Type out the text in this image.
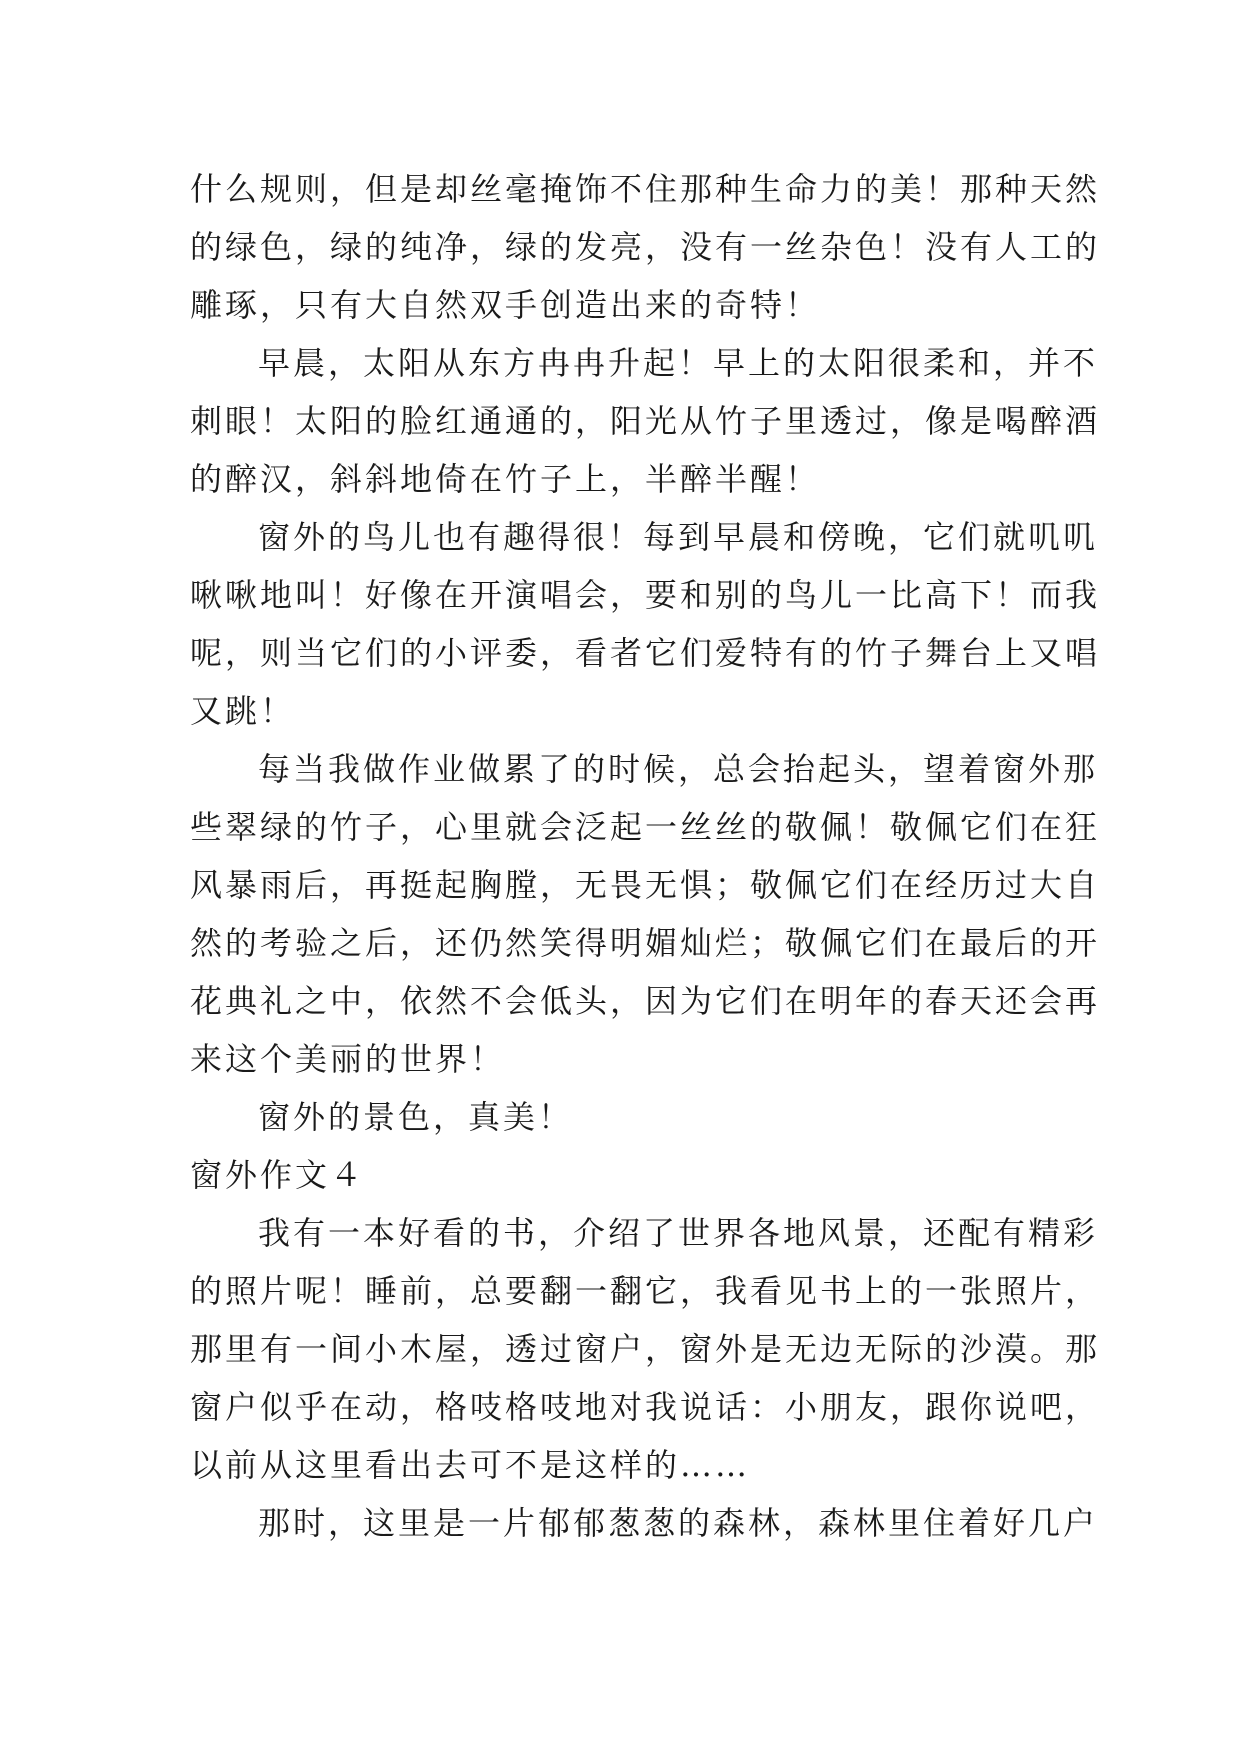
什么规则，但是却丝毫掩饰不住那种生命力的美！那种天然
的绿色，绿的纯净，绿的发亮，没有一丝杂色！没有人工的
雕琢，只有大自然双手创造出来的奇特！

早晨，太阳从东方冉冉升起！早上的太阳很柔和，并不
刺眼！太阳的脸红通通的，阳光从竹子里透过，像是喝醉酒
的醉汉，斜斜地倚在竹子上，半醉半醒！

窗外的鸟儿也有趣得很！每到早晨和傍晚，它们就叽叽
啾啾地叫！好像在开演唱会，要和别的鸟儿一比高下！而我
呢，则当它们的小评委，看者它们爱特有的竹子舞台上又唱
又跳！

每当我做作业做累了的时候，总会抬起头，望着窗外那
些翠绿的竹子，心里就会泛起一丝丝的敬佩！敬佩它们在狂
风暴雨后，再挺起胸膛，无畏无惧；敬佩它们在经历过大自
然的考验之后，还仍然笑得明媚灿烂；敬佩它们在最后的开
花典礼之中，依然不会低头，因为它们在明年的春天还会再
来这个美丽的世界！

窗外的景色，真美！

窗外作文４

我有一本好看的书，介绍了世界各地风景，还配有精彩
的照片呢！睡前，总要翻一翻它，我看见书上的一张照片，
那里有一间小木屋，透过窗户，窗外是无边无际的沙漠。那
窗户似乎在动，格吱格吱地对我说话：小朋友，跟你说吧，
以前从这里看出去可不是这样的……

那时，这里是一片郁郁葱葱的森林，森林里住着好几户
